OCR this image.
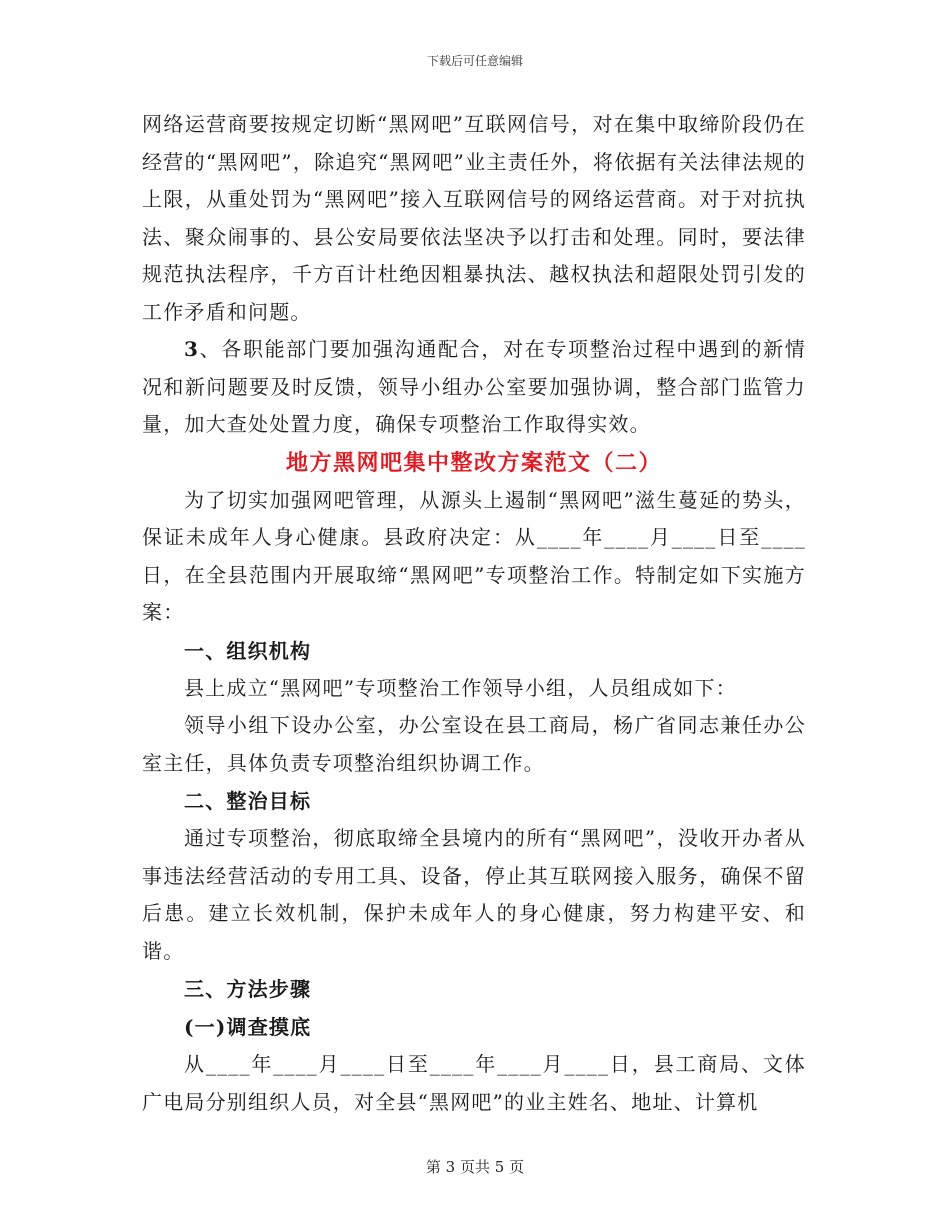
下载后可任意编辑

网络运营商要按规定切断“黑网吧”互联网信号，对在集中取缔阶段仍在经营的“黑网吧”，除追究“黑网吧”业主责任外，将依据有关法律法规的上限，从重处罚为“黑网吧”接入互联网信号的网络运营商。对于对抗执法、聚众闹事的、县公安局要依法坚决予以打击和处理。同时，要法律规范执法程序，千方百计杜绝因粗暴执法、越权执法和超限处罚引发的工作矛盾和问题。

3、各职能部门要加强沟通配合，对在专项整治过程中遇到的新情况和新问题要及时反馈，领导小组办公室要加强协调，整合部门监管力量，加大查处处置力度，确保专项整治工作取得实效。

地方黑网吧集中整改方案范文（二）

为了切实加强网吧管理，从源头上遏制“黑网吧”滋生蔓延的势头，保证未成年人身心健康。县政府决定：从____年____月____日至____日，在全县范围内开展取缔“黑网吧”专项整治工作。特制定如下实施方案：

一、组织机构

县上成立“黑网吧”专项整治工作领导小组，人员组成如下：

领导小组下设办公室，办公室设在县工商局，杨广省同志兼任办公室主任，具体负责专项整治组织协调工作。

二、整治目标

通过专项整治，彻底取缔全县境内的所有“黑网吧”，没收开办者从事违法经营活动的专用工具、设备，停止其互联网接入服务，确保不留后患。建立长效机制，保护未成年人的身心健康，努力构建平安、和谐。

三、方法步骤
(一)调查摸底

从____年____月____日至____年____月____日，县工商局、文体广电局分别组织人员，对全县“黑网吧”的业主姓名、地址、计算机

第 3 页共 5 页
